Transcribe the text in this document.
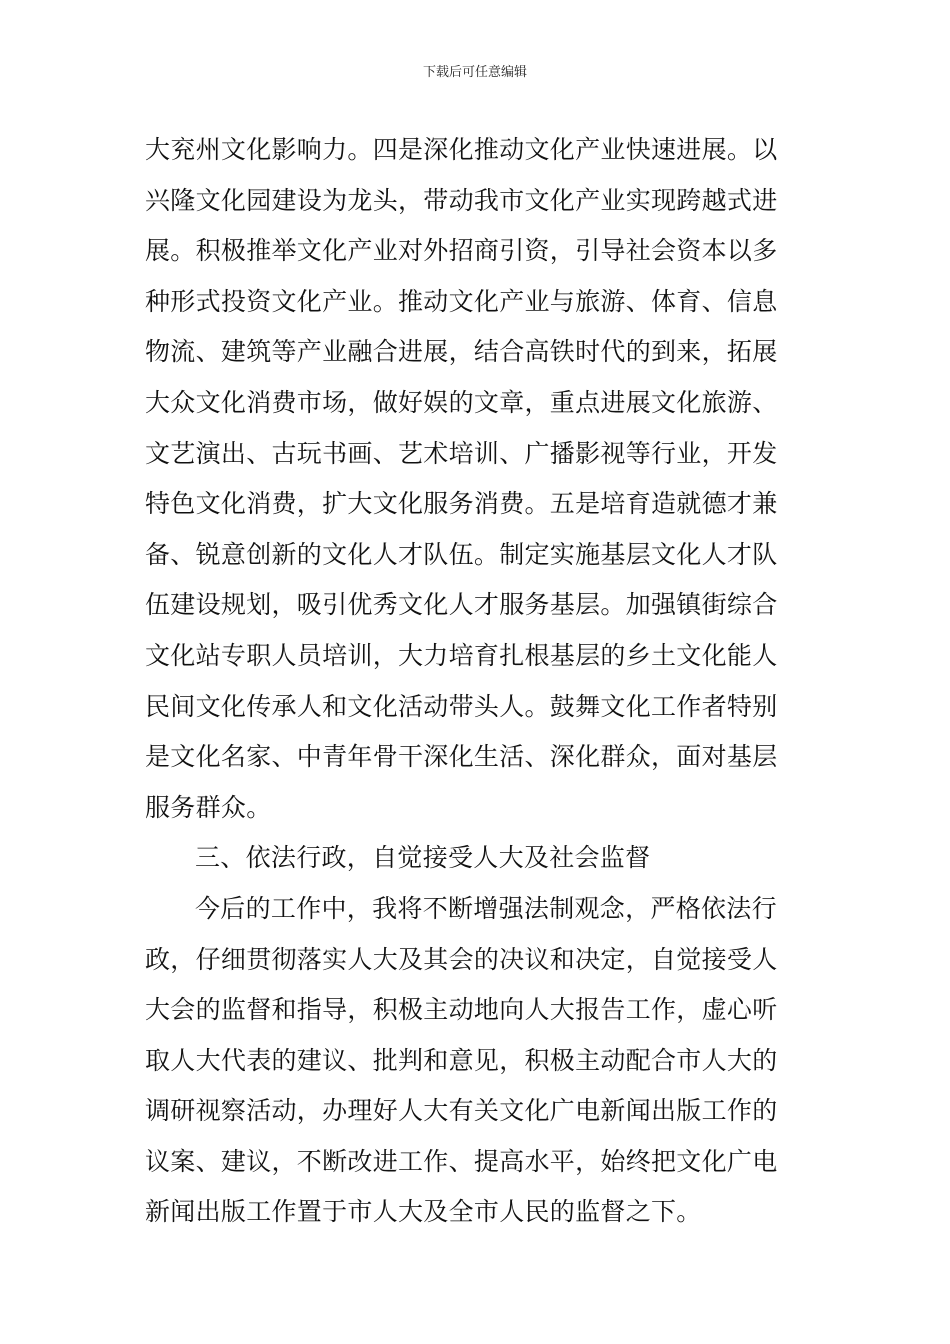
下载后可任意编辑
大兖州文化影响力。四是深化推动文化产业快速进展。以
兴隆文化园建设为龙头，带动我市文化产业实现跨越式进
展。积极推举文化产业对外招商引资，引导社会资本以多
种形式投资文化产业。推动文化产业与旅游、体育、信息
物流、建筑等产业融合进展，结合高铁时代的到来，拓展
大众文化消费市场，做好娱的文章，重点进展文化旅游、
文艺演出、古玩书画、艺术培训、广播影视等行业，开发
特色文化消费，扩大文化服务消费。五是培育造就德才兼
备、锐意创新的文化人才队伍。制定实施基层文化人才队
伍建设规划，吸引优秀文化人才服务基层。加强镇街综合
文化站专职人员培训，大力培育扎根基层的乡土文化能人
民间文化传承人和文化活动带头人。鼓舞文化工作者特别
是文化名家、中青年骨干深化生活、深化群众，面对基层
服务群众。
三、依法行政，自觉接受人大及社会监督
今后的工作中，我将不断增强法制观念，严格依法行
政，仔细贯彻落实人大及其会的决议和决定，自觉接受人
大会的监督和指导，积极主动地向人大报告工作，虚心听
取人大代表的建议、批判和意见，积极主动配合市人大的
调研视察活动，办理好人大有关文化广电新闻出版工作的
议案、建议，不断改进工作、提高水平，始终把文化广电
新闻出版工作置于市人大及全市人民的监督之下。
